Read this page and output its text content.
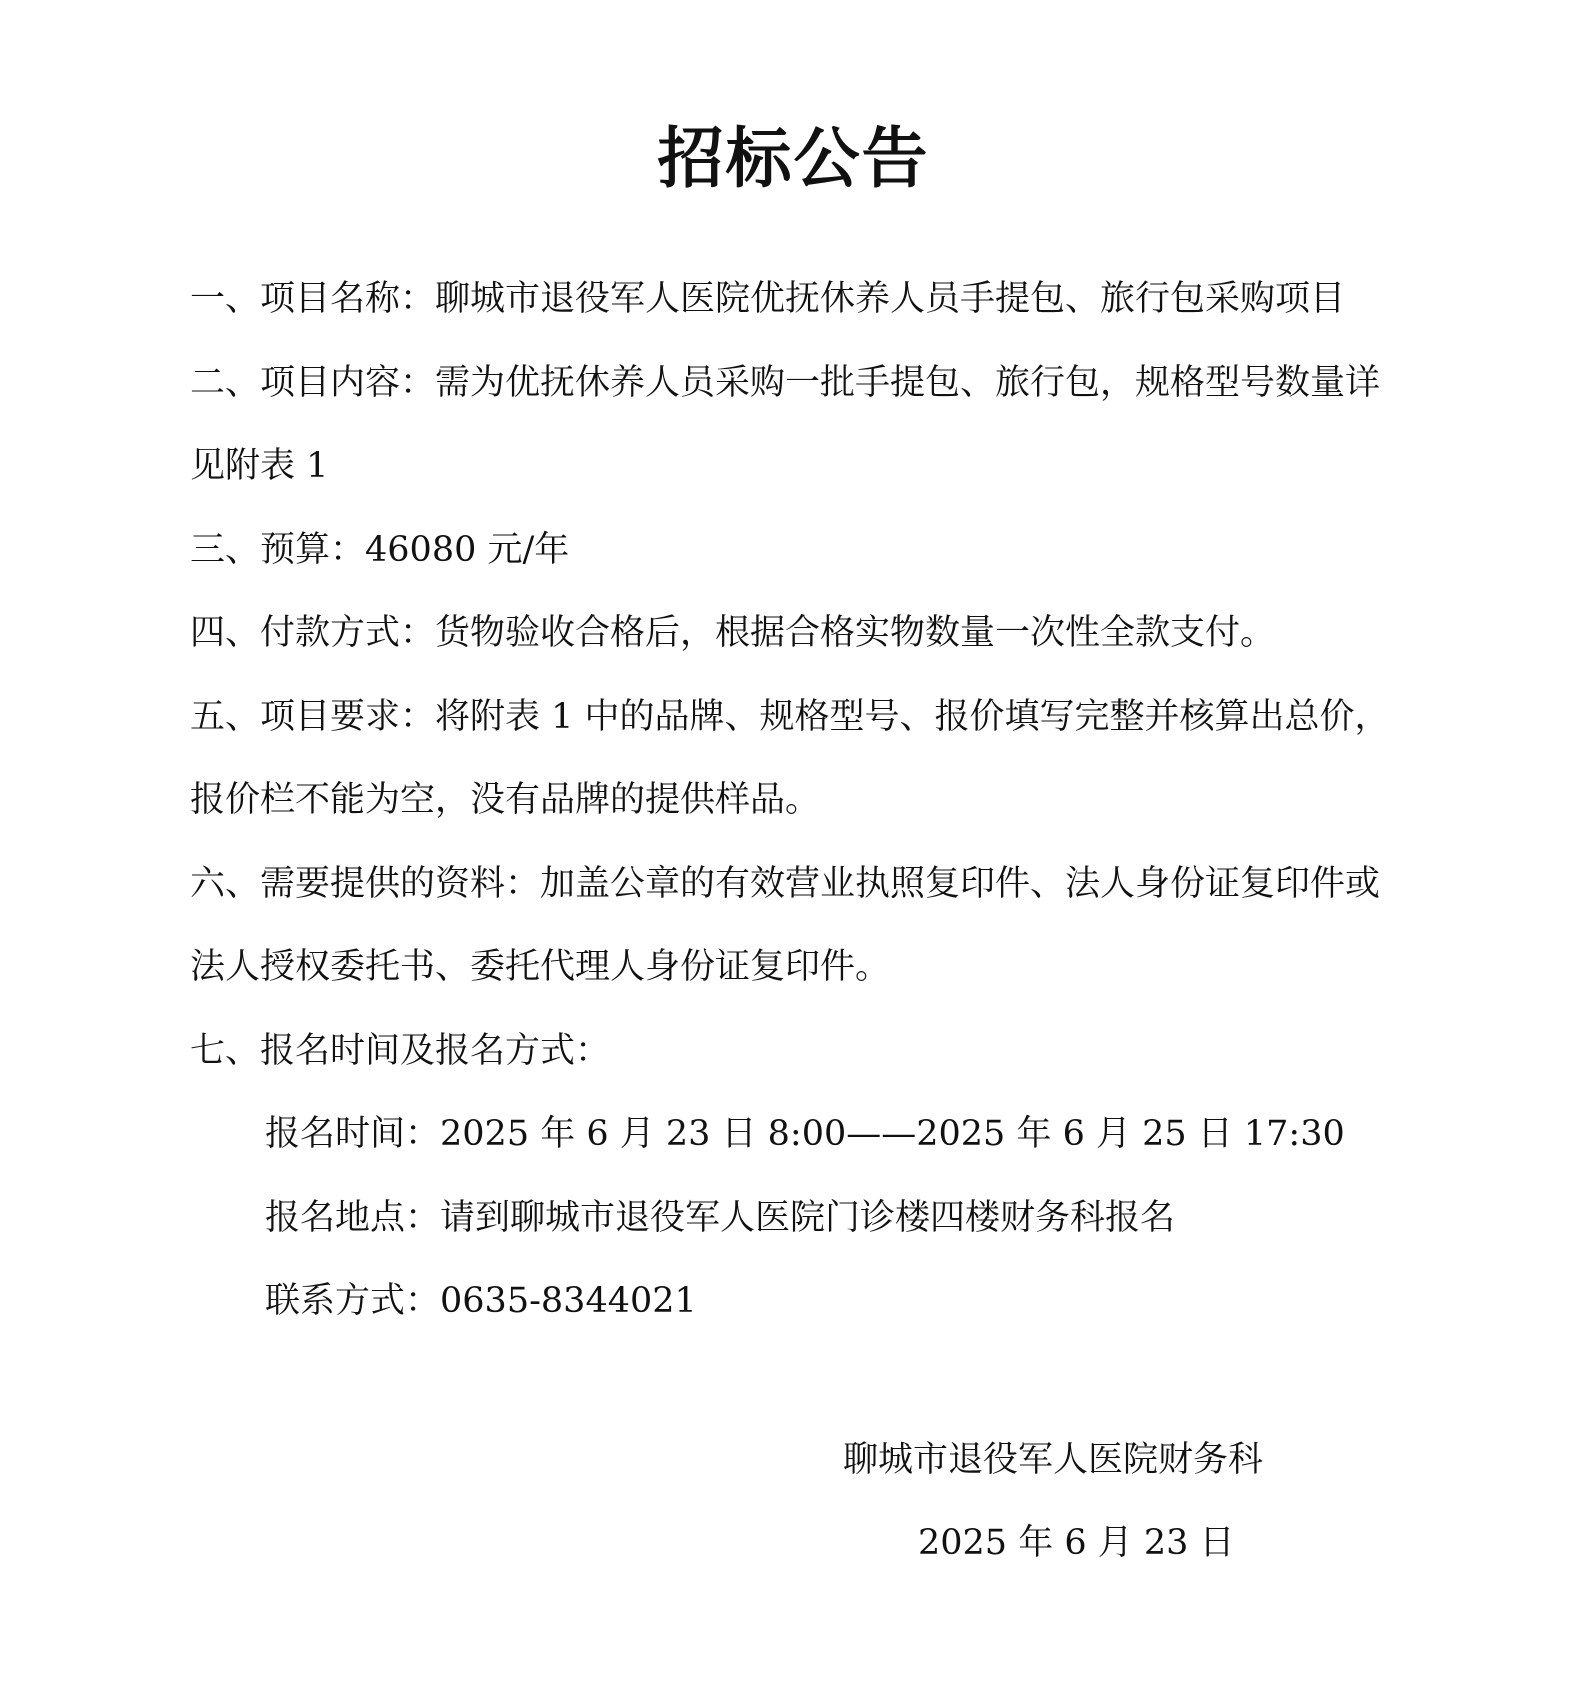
招标公告

一、项目名称：聊城市退役军人医院优抚休养人员手提包、旅行包采购项目

二、项目内容：需为优抚休养人员采购一批手提包、旅行包，规格型号数量详见附表 1

三、预算：46080 元/年

四、付款方式：货物验收合格后，根据合格实物数量一次性全款支付。

五、项目要求：将附表 1 中的品牌、规格型号、报价填写完整并核算出总价，报价栏不能为空，没有品牌的提供样品。

六、需要提供的资料：加盖公章的有效营业执照复印件、法人身份证复印件或法人授权委托书、委托代理人身份证复印件。

七、报名时间及报名方式：

报名时间：2025 年 6 月 23 日 8:00——2025 年 6 月 25 日 17:30

报名地点：请到聊城市退役军人医院门诊楼四楼财务科报名

联系方式：0635-8344021

聊城市退役军人医院财务科
2025 年 6 月 23 日
